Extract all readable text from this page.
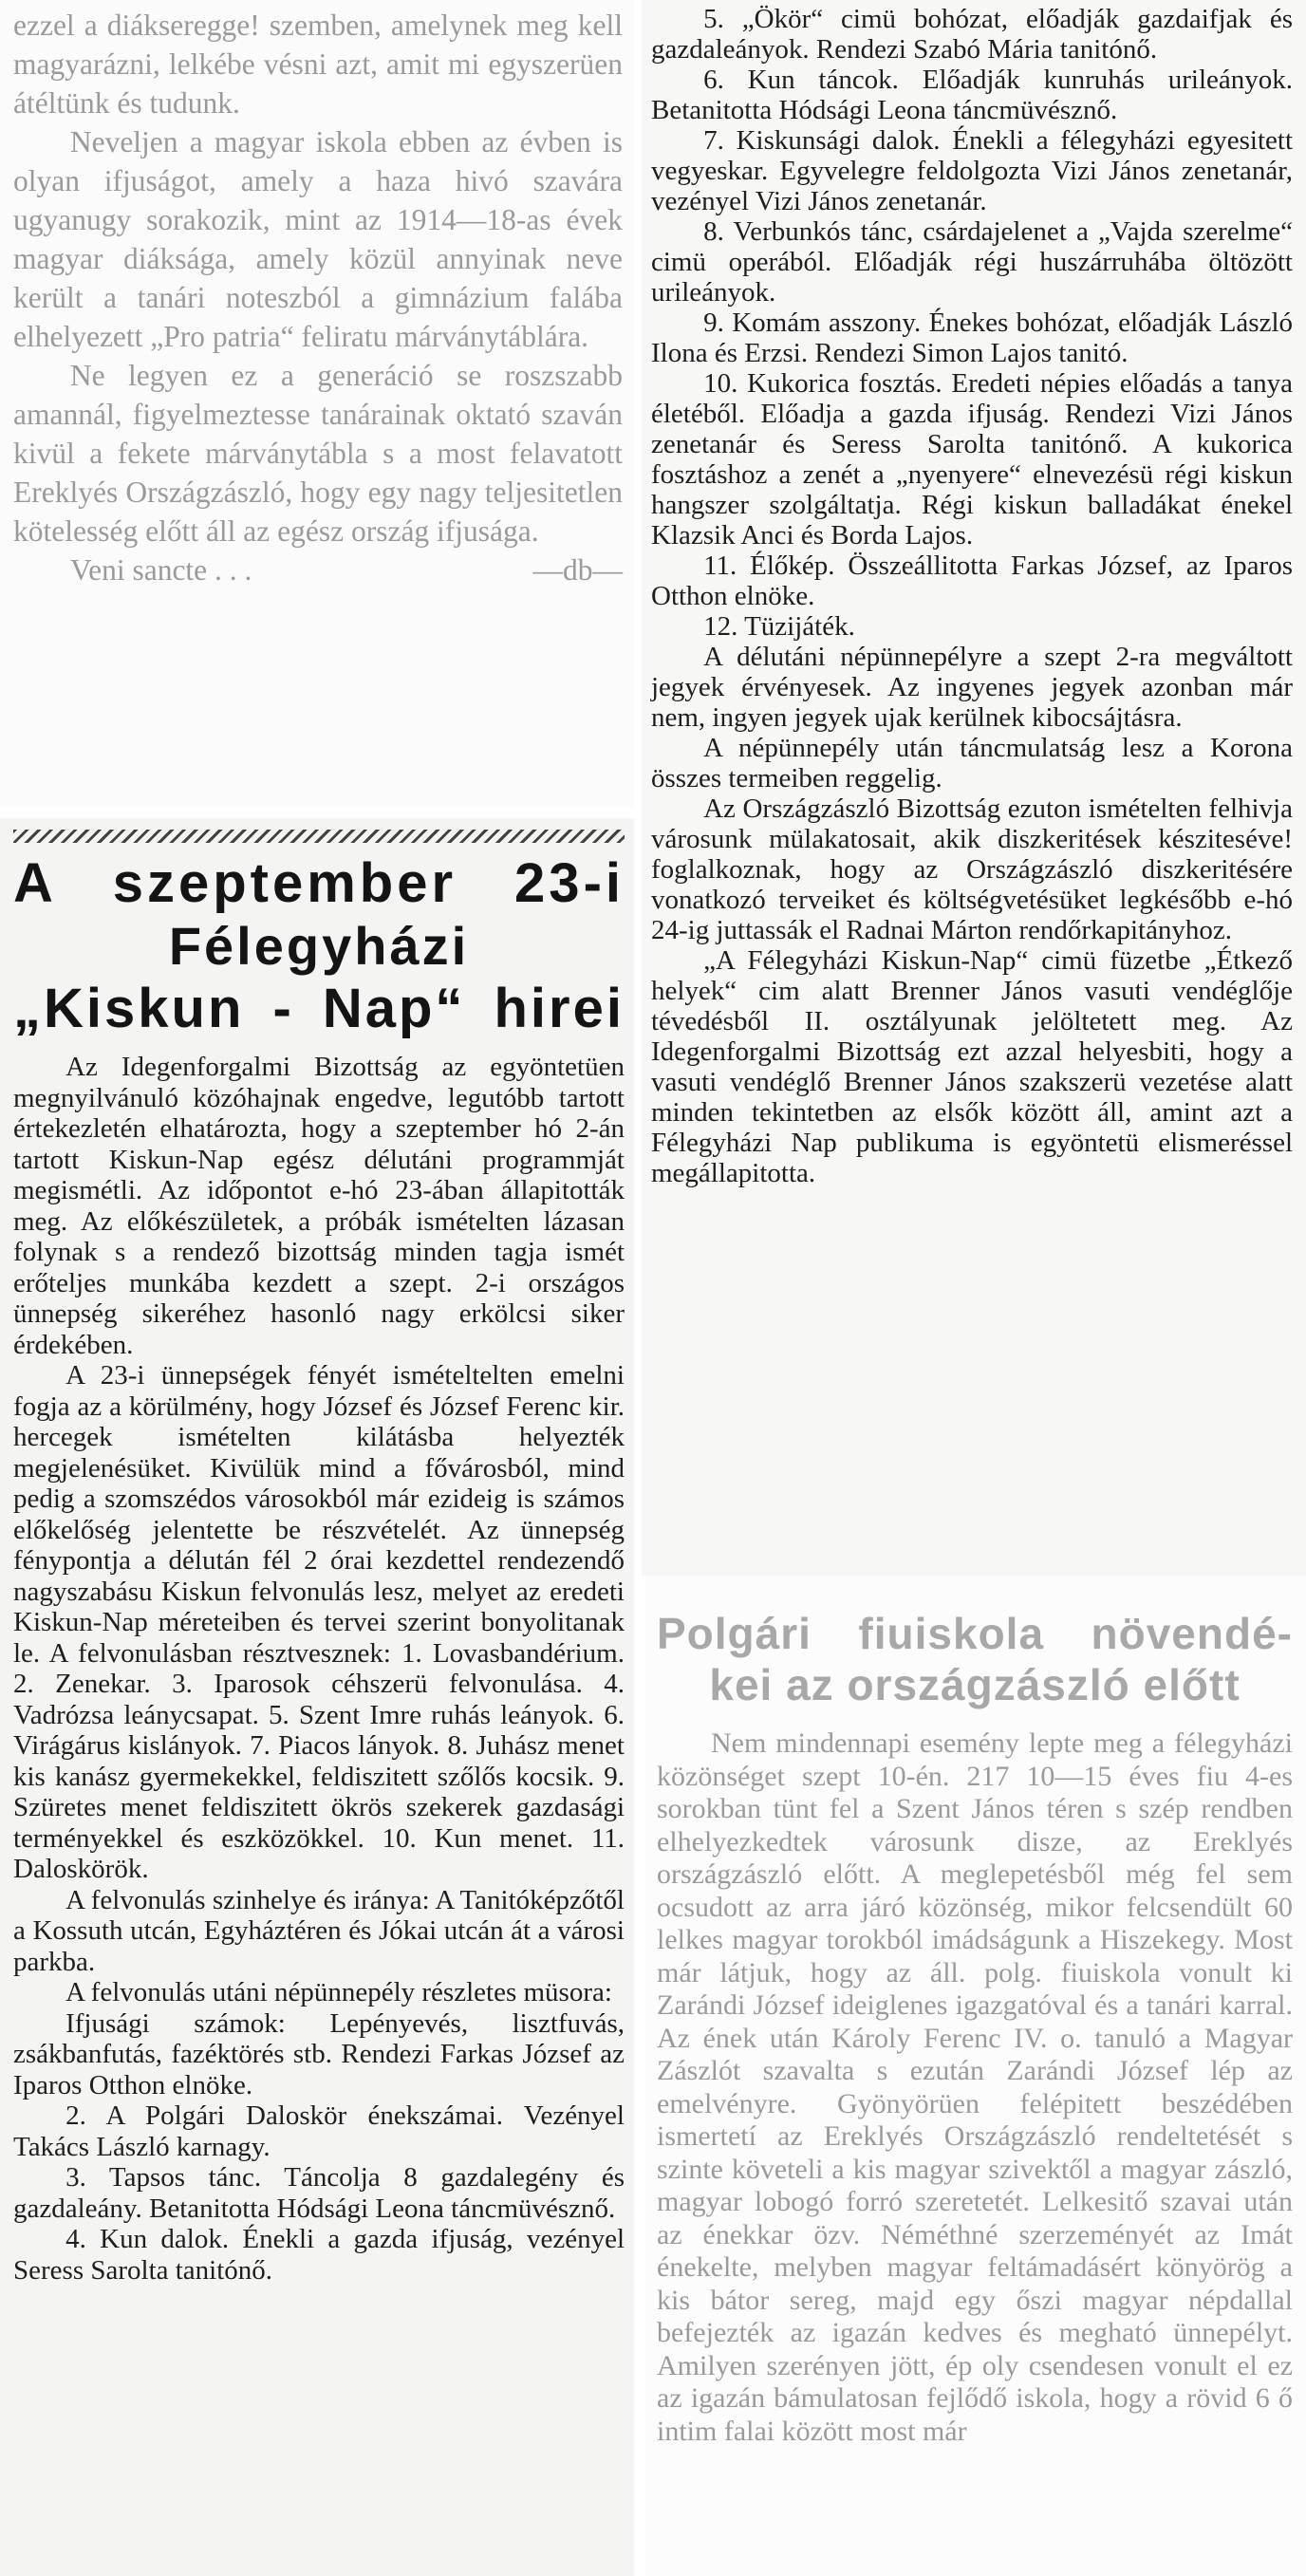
ezzel a diákseregge! szemben, amelynek meg kell magyarázni, lelkébe vésni azt, amit mi egyszerüen átéltünk és tudunk.

Neveljen a magyar iskola ebben az évben is olyan ifjuságot, amely a haza hivó szavára ugyanugy sorakozik, mint az 1914—18-as évek magyar diáksága, amely közül annyinak neve került a tanári noteszból a gimnázium falába elhelyezett „Pro patria“ feliratu márványtáblára.

Ne legyen ez a generáció se roszszabb amannál, figyelmeztesse tanárainak oktató szaván kivül a fekete márványtábla s a most felavatott Ereklyés Országzászló, hogy egy nagy teljesitetlen kötelesség előtt áll az egész ország ifjusága.

—db—
Veni sancte . . .

A szeptember 23-i
Félegyházi
„Kiskun - Nap“ hirei

Az Idegenforgalmi Bizottság az egyöntetüen megnyilvánuló közóhajnak engedve, legutóbb tartott értekezletén elhatározta, hogy a szeptember hó 2-án tartott Kiskun-Nap egész délutáni programmját megismétli. Az időpontot e-hó 23-ában állapitották meg. Az előkészületek, a próbák ismételten lázasan folynak s a rendező bizottság minden tagja ismét erőteljes munkába kezdett a szept. 2-i országos ünnepség sikeréhez hasonló nagy erkölcsi siker érdekében.

A 23-i ünnepségek fényét ismételtelten emelni fogja az a körülmény, hogy József és József Ferenc kir. hercegek ismételten kilátásba helyezték megjelenésüket. Kivülük mind a fővárosból, mind pedig a szomszédos városokból már ezideig is számos előkelőség jelentette be részvételét. Az ünnepség fénypontja a délután fél 2 órai kezdettel rendezendő nagyszabásu Kiskun felvonulás lesz, melyet az eredeti Kiskun-Nap méreteiben és tervei szerint bonyolitanak le. A felvonulásban résztvesznek: 1. Lovasbandérium. 2. Zenekar. 3. Iparosok céhszerü felvonulása. 4. Vadrózsa leánycsapat. 5. Szent Imre ruhás leányok. 6. Virágárus kislányok. 7. Piacos lányok. 8. Juhász menet kis kanász gyermekekkel, feldiszitett szőlős kocsik. 9. Szüretes menet feldiszitett ökrös szekerek gazdasági terményekkel és eszközökkel. 10. Kun menet. 11. Daloskörök.

A felvonulás szinhelye és iránya: A Tanitóképzőtől a Kossuth utcán, Egyháztéren és Jókai utcán át a városi parkba.

A felvonulás utáni népünnepély részletes müsora:

Ifjusági számok: Lepényevés, lisztfuvás, zsákbanfutás, fazéktörés stb. Rendezi Farkas József az Iparos Otthon elnöke.

2. A Polgári Daloskör énekszámai. Vezényel Takács László karnagy.

3. Tapsos tánc. Táncolja 8 gazdalegény és gazdaleány. Betanitotta Hódsági Leona táncmüvésznő.

4. Kun dalok. Énekli a gazda ifjuság, vezényel Seress Sarolta tanitónő.

5. „Ökör“ cimü bohózat, előadják gazdaifjak és gazdaleányok. Rendezi Szabó Mária tanitónő.

6. Kun táncok. Előadják kunruhás urileányok. Betanitotta Hódsági Leona táncmüvésznő.

7. Kiskunsági dalok. Énekli a félegyházi egyesitett vegyeskar. Egyvelegre feldolgozta Vizi János zenetanár, vezényel Vizi János zenetanár.

8. Verbunkós tánc, csárdajelenet a „Vajda szerelme“ cimü operából. Előadják régi huszárruhába öltözött urileányok.

9. Komám asszony. Énekes bohózat, előadják László Ilona és Erzsi. Rendezi Simon Lajos tanitó.

10. Kukorica fosztás. Eredeti népies előadás a tanya életéből. Előadja a gazda ifjuság. Rendezi Vizi János zenetanár és Seress Sarolta tanitónő. A kukorica fosztáshoz a zenét a „nyenyere“ elnevezésü régi kiskun hangszer szolgáltatja. Régi kiskun balladákat énekel Klazsik Anci és Borda Lajos.

11. Élőkép. Összeállitotta Farkas József, az Iparos Otthon elnöke.

12. Tüzijáték.

A délutáni népünnepélyre a szept 2-ra megváltott jegyek érvényesek. Az ingyenes jegyek azonban már nem, ingyen jegyek ujak kerülnek kibocsájtásra.

A népünnepély után táncmulatság lesz a Korona összes termeiben reggelig.

Az Országzászló Bizottság ezuton ismételten felhivja városunk mülakatosait, akik diszkeritések késziteséve! foglalkoznak, hogy az Országzászló diszkeritésére vonatkozó terveiket és költségvetésüket legkésőbb e-hó 24-ig juttassák el Radnai Márton rendőrkapitányhoz.

„A Félegyházi Kiskun-Nap“ cimü füzetbe „Étkező helyek“ cim alatt Brenner János vasuti vendéglője tévedésből II. osztályunak jelöltetett meg. Az Idegenforgalmi Bizottság ezt azzal helyesbiti, hogy a vasuti vendéglő Brenner János szakszerü vezetése alatt minden tekintetben az elsők között áll, amint azt a Félegyházi Nap publikuma is egyöntetü elismeréssel megállapitotta.

Polgári fiuiskola növendé-
kei az országzászló előtt

Nem mindennapi esemény lepte meg a félegyházi közönséget szept 10-én. 217 10—15 éves fiu 4-es sorokban tünt fel a Szent János téren s szép rendben elhelyezkedtek városunk disze, az Ereklyés országzászló előtt. A meglepetésből még fel sem ocsudott az arra járó közönség, mikor felcsendült 60 lelkes magyar torokból imádságunk a Hiszekegy. Most már látjuk, hogy az áll. polg. fiuiskola vonult ki Zarándi József ideiglenes igazgatóval és a tanári karral. Az ének után Károly Ferenc IV. o. tanuló a Magyar Zászlót szavalta s ezután Zarándi József lép az emelvényre. Gyönyörüen felépitett beszédében ismertetí az Ereklyés Országzászló rendeltetését s szinte követeli a kis magyar szivektől a magyar zászló, magyar lobogó forró szeretetét. Lelkesitő szavai után az énekkar özv. Néméthné szerzeményét az Imát énekelte, melyben magyar feltámadásért könyörög a kis bátor sereg, majd egy őszi magyar népdallal befejezték az igazán kedves és megható ünnepélyt. Amilyen szerényen jött, ép oly csendesen vonult el ez az igazán bámulatosan fejlődő iskola, hogy a rövid 6 ő intim falai között most már
